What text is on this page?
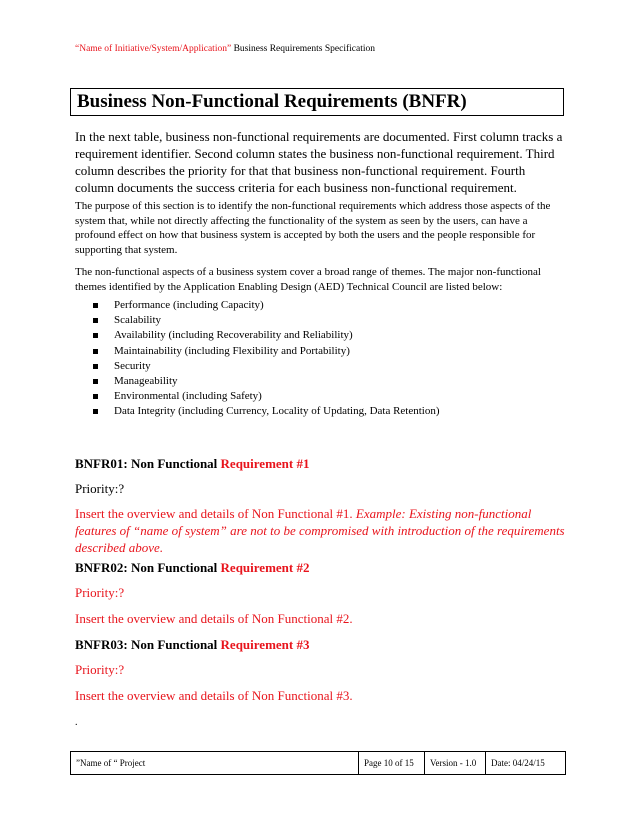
“Name of Initiative/System/Application” Business Requirements Specification
Business Non-Functional Requirements (BNFR)
In the next table, business non-functional requirements are documented. First column tracks a requirement identifier. Second column states the business non-functional requirement. Third column describes the priority for that that business non-functional requirement. Fourth column documents the success criteria for each business non-functional requirement.
The purpose of this section is to identify the non-functional requirements which address those aspects of the system that, while not directly affecting the functionality of the system as seen by the users, can have a profound effect on how that business system is accepted by both the users and the people responsible for supporting that system.
The non-functional aspects of a business system cover a broad range of themes. The major non-functional themes identified by the Application Enabling Design (AED) Technical Council are listed below:
Performance (including Capacity)
Scalability
Availability (including Recoverability and Reliability)
Maintainability (including Flexibility and Portability)
Security
Manageability
Environmental (including Safety)
Data Integrity (including Currency, Locality of Updating, Data Retention)
BNFR01: Non Functional Requirement #1
Priority:?
Insert the overview and details of Non Functional #1. Example: Existing non-functional features of “name of system” are not to be compromised with introduction of the requirements described above.
BNFR02: Non Functional Requirement #2
Priority:?
Insert the overview and details of Non Functional #2.
BNFR03: Non Functional Requirement #3
Priority:?
Insert the overview and details of Non Functional #3.
.
”Name of “ Project	Page 10 of 15	Version - 1.0	Date: 04/24/15
